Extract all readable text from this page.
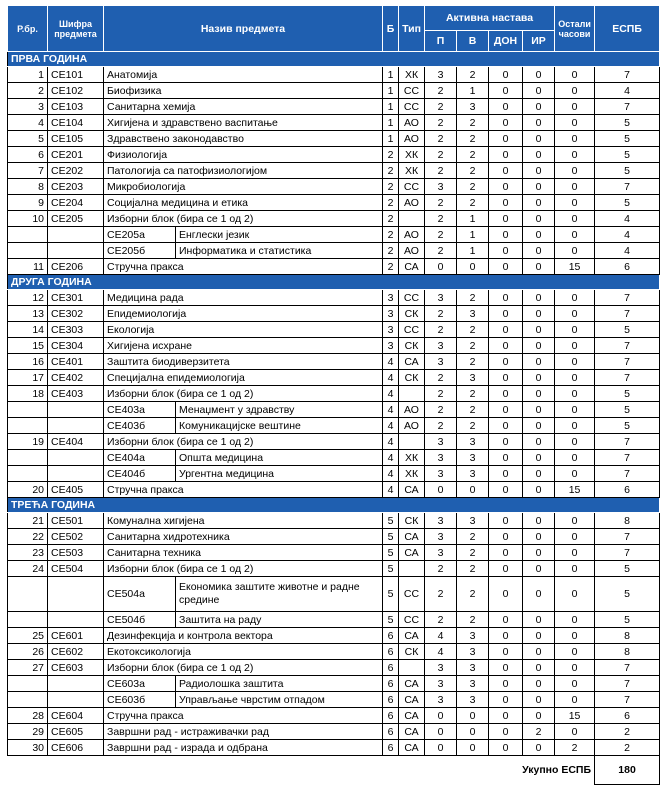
Р.бр.	Шифра предмета	Назив предмета		Б	Тип	Активна настава				Остали часови	ЕСПБ
						П	В	ДОН	ИР		
ПРВА ГОДИНА											
1	СЕ101	Анатомија		1	ХК	3	2	0	0	0	7
2	СЕ102	Биофизика		1	СС	2	1	0	0	0	4
3	СЕ103	Санитарна хемија		1	СС	2	3	0	0	0	7
4	СЕ104	Хигијена и здравствено васпитање		1	АО	2	2	0	0	0	5
5	СЕ105	Здравствено законодавство		1	АО	2	2	0	0	0	5
6	СЕ201	Физиологија		2	ХК	2	2	0	0	0	5
7	СЕ202	Патологија са патофизиологијом		2	ХК	2	2	0	0	0	5
8	СЕ203	Микробиологија		2	СС	3	2	0	0	0	7
9	СЕ204	Социјална медицина и етика		2	АО	2	2	0	0	0	5
10	СЕ205	Изборни блок (бира се 1 од 2)		2		2	1	0	0	0	4
		СЕ205а	Енглески језик	2	АО	2	1	0	0	0	4
		СЕ205б	Информатика и статистика	2	АО	2	1	0	0	0	4
11	СЕ206	Стручна пракса		2	СА	0	0	0	0	15	6
ДРУГА ГОДИНА											
12	СЕ301	Медицина рада		3	СС	3	2	0	0	0	7
13	СЕ302	Епидемиологија		3	СК	2	3	0	0	0	7
14	СЕ303	Екологија		3	СС	2	2	0	0	0	5
15	СЕ304	Хигијена исхране		3	СК	3	2	0	0	0	7
16	СЕ401	Заштита биодиверзитета		4	СА	3	2	0	0	0	7
17	СЕ402	Специјална епидемиологија		4	СК	2	3	0	0	0	7
18	СЕ403	Изборни блок (бира се 1 од 2)		4		2	2	0	0	0	5
		СЕ403а	Менаџмент у здравству	4	АО	2	2	0	0	0	5
		СЕ403б	Комуникацијске вештине	4	АО	2	2	0	0	0	5
19	СЕ404	Изборни блок (бира се 1 од 2)		4		3	3	0	0	0	7
		СЕ404а	Општа медицина	4	ХК	3	3	0	0	0	7
		СЕ404б	Ургентна медицина	4	ХК	3	3	0	0	0	7
20	СЕ405	Стручна пракса		4	СА	0	0	0	0	15	6
ТРЕЋА ГОДИНА											
21	СЕ501	Комунална хигијена		5	СК	3	3	0	0	0	8
22	СЕ502	Санитарна хидротехника		5	СА	3	2	0	0	0	7
23	СЕ503	Санитарна техника		5	СА	3	2	0	0	0	7
24	СЕ504	Изборни блок (бира се 1 од 2)		5		2	2	0	0	0	5
		СЕ504а	Економика заштите животне и радне средине	5	СС	2	2	0	0	0	5
		СЕ504б	Заштита на раду	5	СС	2	2	0	0	0	5
25	СЕ601	Дезинфекција и контрола вектора		6	СА	4	3	0	0	0	8
26	СЕ602	Екотоксикологија		6	СК	4	3	0	0	0	8
27	СЕ603	Изборни блок (бира се 1 од 2)		6		3	3	0	0	0	7
		СЕ603а	Радиолошка заштита	6	СА	3	3	0	0	0	7
		СЕ603б	Управљање чврстим отпадом	6	СА	3	3	0	0	0	7
28	СЕ604	Стручна пракса		6	СА	0	0	0	0	15	6
29	СЕ605	Завршни рад - истраживачки рад		6	СА	0	0	0	2	0	2
30	СЕ606	Завршни рад - израда и одбрана		6	СА	0	0	0	0	2	2
						Укупно ЕСПБ					180
